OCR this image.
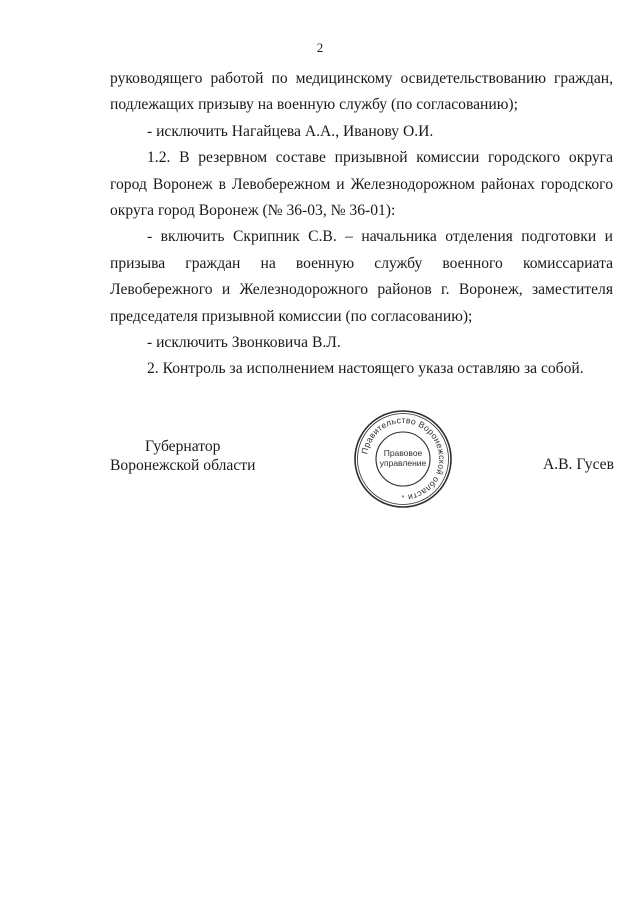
2

руководящего работой по медицинскому освидетельствованию граждан, подлежащих призыву на военную службу (по согласованию);

- исключить Нагайцева А.А., Иванову О.И.

1.2. В резервном составе призывной комиссии городского округа город Воронеж в Левобережном и Железнодорожном районах городского округа город Воронеж (№ 36-03, № 36-01):

- включить Скрипник С.В. – начальника отделения подготовки и призыва граждан на военную службу военного комиссариата Левобережного и Железнодорожного районов г. Воронеж, заместителя председателя призывной комиссии (по согласованию);

- исключить Звонковича В.Л.

2. Контроль за исполнением настоящего указа оставляю за собой.

Губернатор
Воронежской области
Правительство Воронежской области
Правовое
управление
*
А.В. Гусев
